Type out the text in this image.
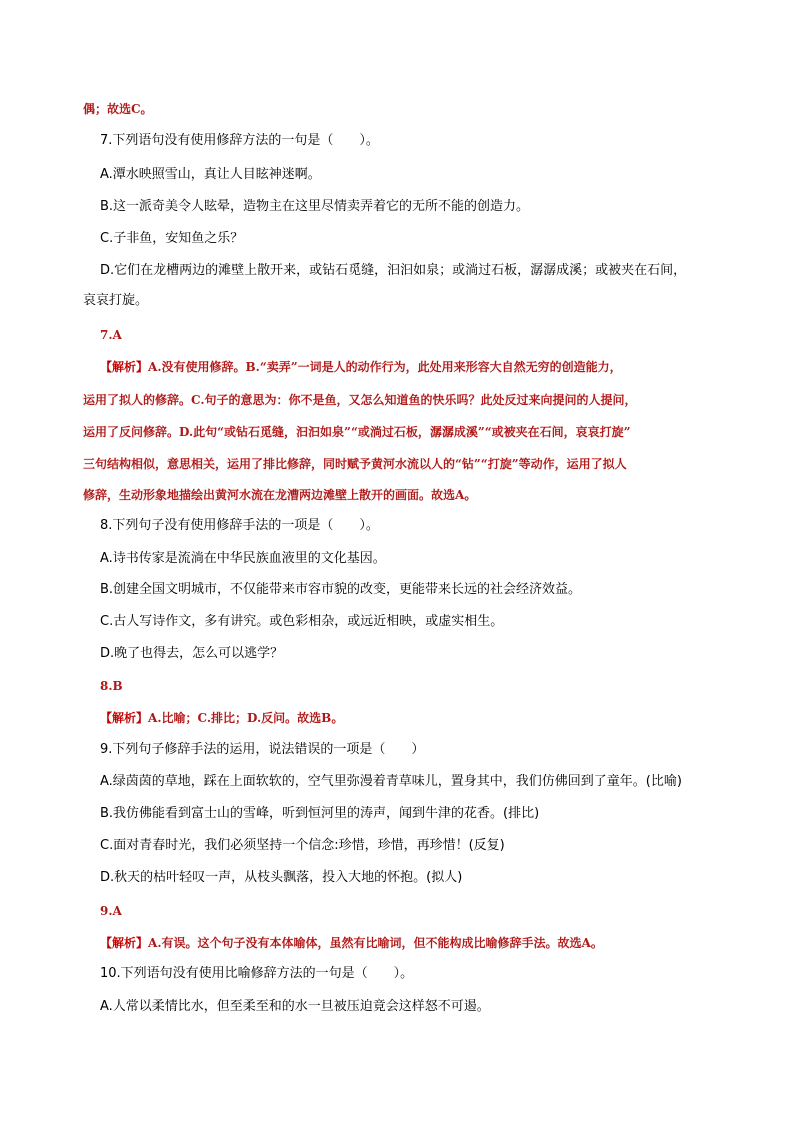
偶；故选C。
7.下列语句没有使用修辞方法的一句是（　　）。
A.潭水映照雪山，真让人目眩神迷啊。
B.这一派奇美令人眩晕，造物主在这里尽情卖弄着它的无所不能的创造力。
C.子非鱼，安知鱼之乐？
D.它们在龙槽两边的滩壁上散开来，或钻石觅缝，汩汩如泉；或淌过石板，潺潺成溪；或被夹在石间，
哀哀打旋。
7.A
【解析】A.没有使用修辞。B.“卖弄”一词是人的动作行为，此处用来形容大自然无穷的创造能力，
运用了拟人的修辞。C.句子的意思为：你不是鱼，又怎么知道鱼的快乐吗？此处反过来向提问的人提问，
运用了反问修辞。D.此句“或钻石觅缝，汩汩如泉”“或淌过石板，潺潺成溪”“或被夹在石间，哀哀打旋”
三句结构相似，意思相关，运用了排比修辞，同时赋予黄河水流以人的“钻”“打旋”等动作，运用了拟人
修辞，生动形象地描绘出黄河水流在龙漕两边滩壁上散开的画面。故选A。
8.下列句子没有使用修辞手法的一项是（　　）。
A.诗书传家是流淌在中华民族血液里的文化基因。
B.创建全国文明城市，不仅能带来市容市貌的改变，更能带来长远的社会经济效益。
C.古人写诗作文，多有讲究。或色彩相杂，或远近相映，或虚实相生。
D.晚了也得去，怎么可以逃学？
8.B
【解析】A.比喻；C.排比；D.反问。故选B。
9.下列句子修辞手法的运用，说法错误的一项是（　　）
A.绿茵茵的草地，踩在上面软软的，空气里弥漫着青草味儿，置身其中，我们仿佛回到了童年。(比喻)
B.我仿佛能看到富士山的雪峰，听到恒河里的涛声，闻到牛津的花香。(排比)
C.面对青春时光，我们必须坚持一个信念:珍惜，珍惜，再珍惜！(反复)
D.秋天的枯叶轻叹一声，从枝头飘落，投入大地的怀抱。(拟人)
9.A
【解析】A.有误。这个句子没有本体喻体，虽然有比喻词，但不能构成比喻修辞手法。故选A。
10.下列语句没有使用比喻修辞方法的一句是（　　）。
A.人常以柔情比水，但至柔至和的水一旦被压迫竟会这样怒不可遏。
